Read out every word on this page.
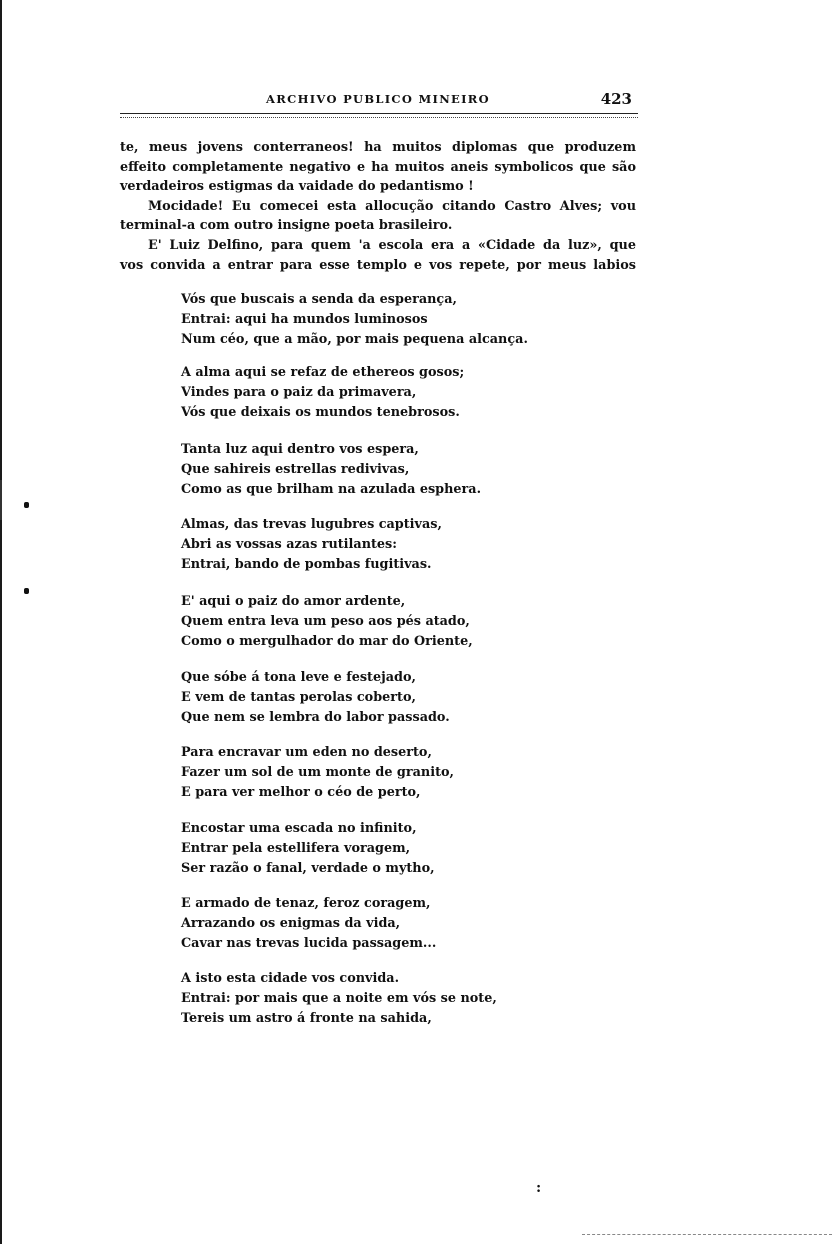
ARCHIVO PUBLICO MINEIRO	423

te, meus jovens conterraneos! ha muitos diplomas que produzem
effeito completamente negativo e ha muitos aneis symbolicos que são
verdadeiros estigmas da vaidade do pedantismo !

Mocidade! Eu comecei esta allocução citando Castro Alves; vou
terminal-a com outro insigne poeta brasileiro.

E' Luiz Delfino, para quem 'a escola era a «Cidade da luz», que
vos convida a entrar para esse templo e vos repete, por meus labios

Vós que buscais a senda da esperança,
Entrai: aqui ha mundos luminosos
Num céo, que a mão, por mais pequena alcança.
A alma aqui se refaz de ethereos gosos;
Vindes para o paiz da primavera,
Vós que deixais os mundos tenebrosos.
Tanta luz aqui dentro vos espera,
Que sahireis estrellas redivivas,
Como as que brilham na azulada esphera.
Almas, das trevas lugubres captivas,
Abri as vossas azas rutilantes:
Entrai, bando de pombas fugitivas.
E' aqui o paiz do amor ardente,
Quem entra leva um peso aos pés atado,
Como o mergulhador do mar do Oriente,
Que sóbe á tona leve e festejado,
E vem de tantas perolas coberto,
Que nem se lembra do labor passado.
Para encravar um eden no deserto,
Fazer um sol de um monte de granito,
E para ver melhor o céo de perto,
Encostar uma escada no infinito,
Entrar pela estellifera voragem,
Ser razão o fanal, verdade o mytho,
E armado de tenaz, feroz coragem,
Arrazando os enigmas da vida,
Cavar nas trevas lucida passagem...
A isto esta cidade vos convida.
Entrai: por mais que a noite em vós se note,
Tereis um astro á fronte na sahida,
:
